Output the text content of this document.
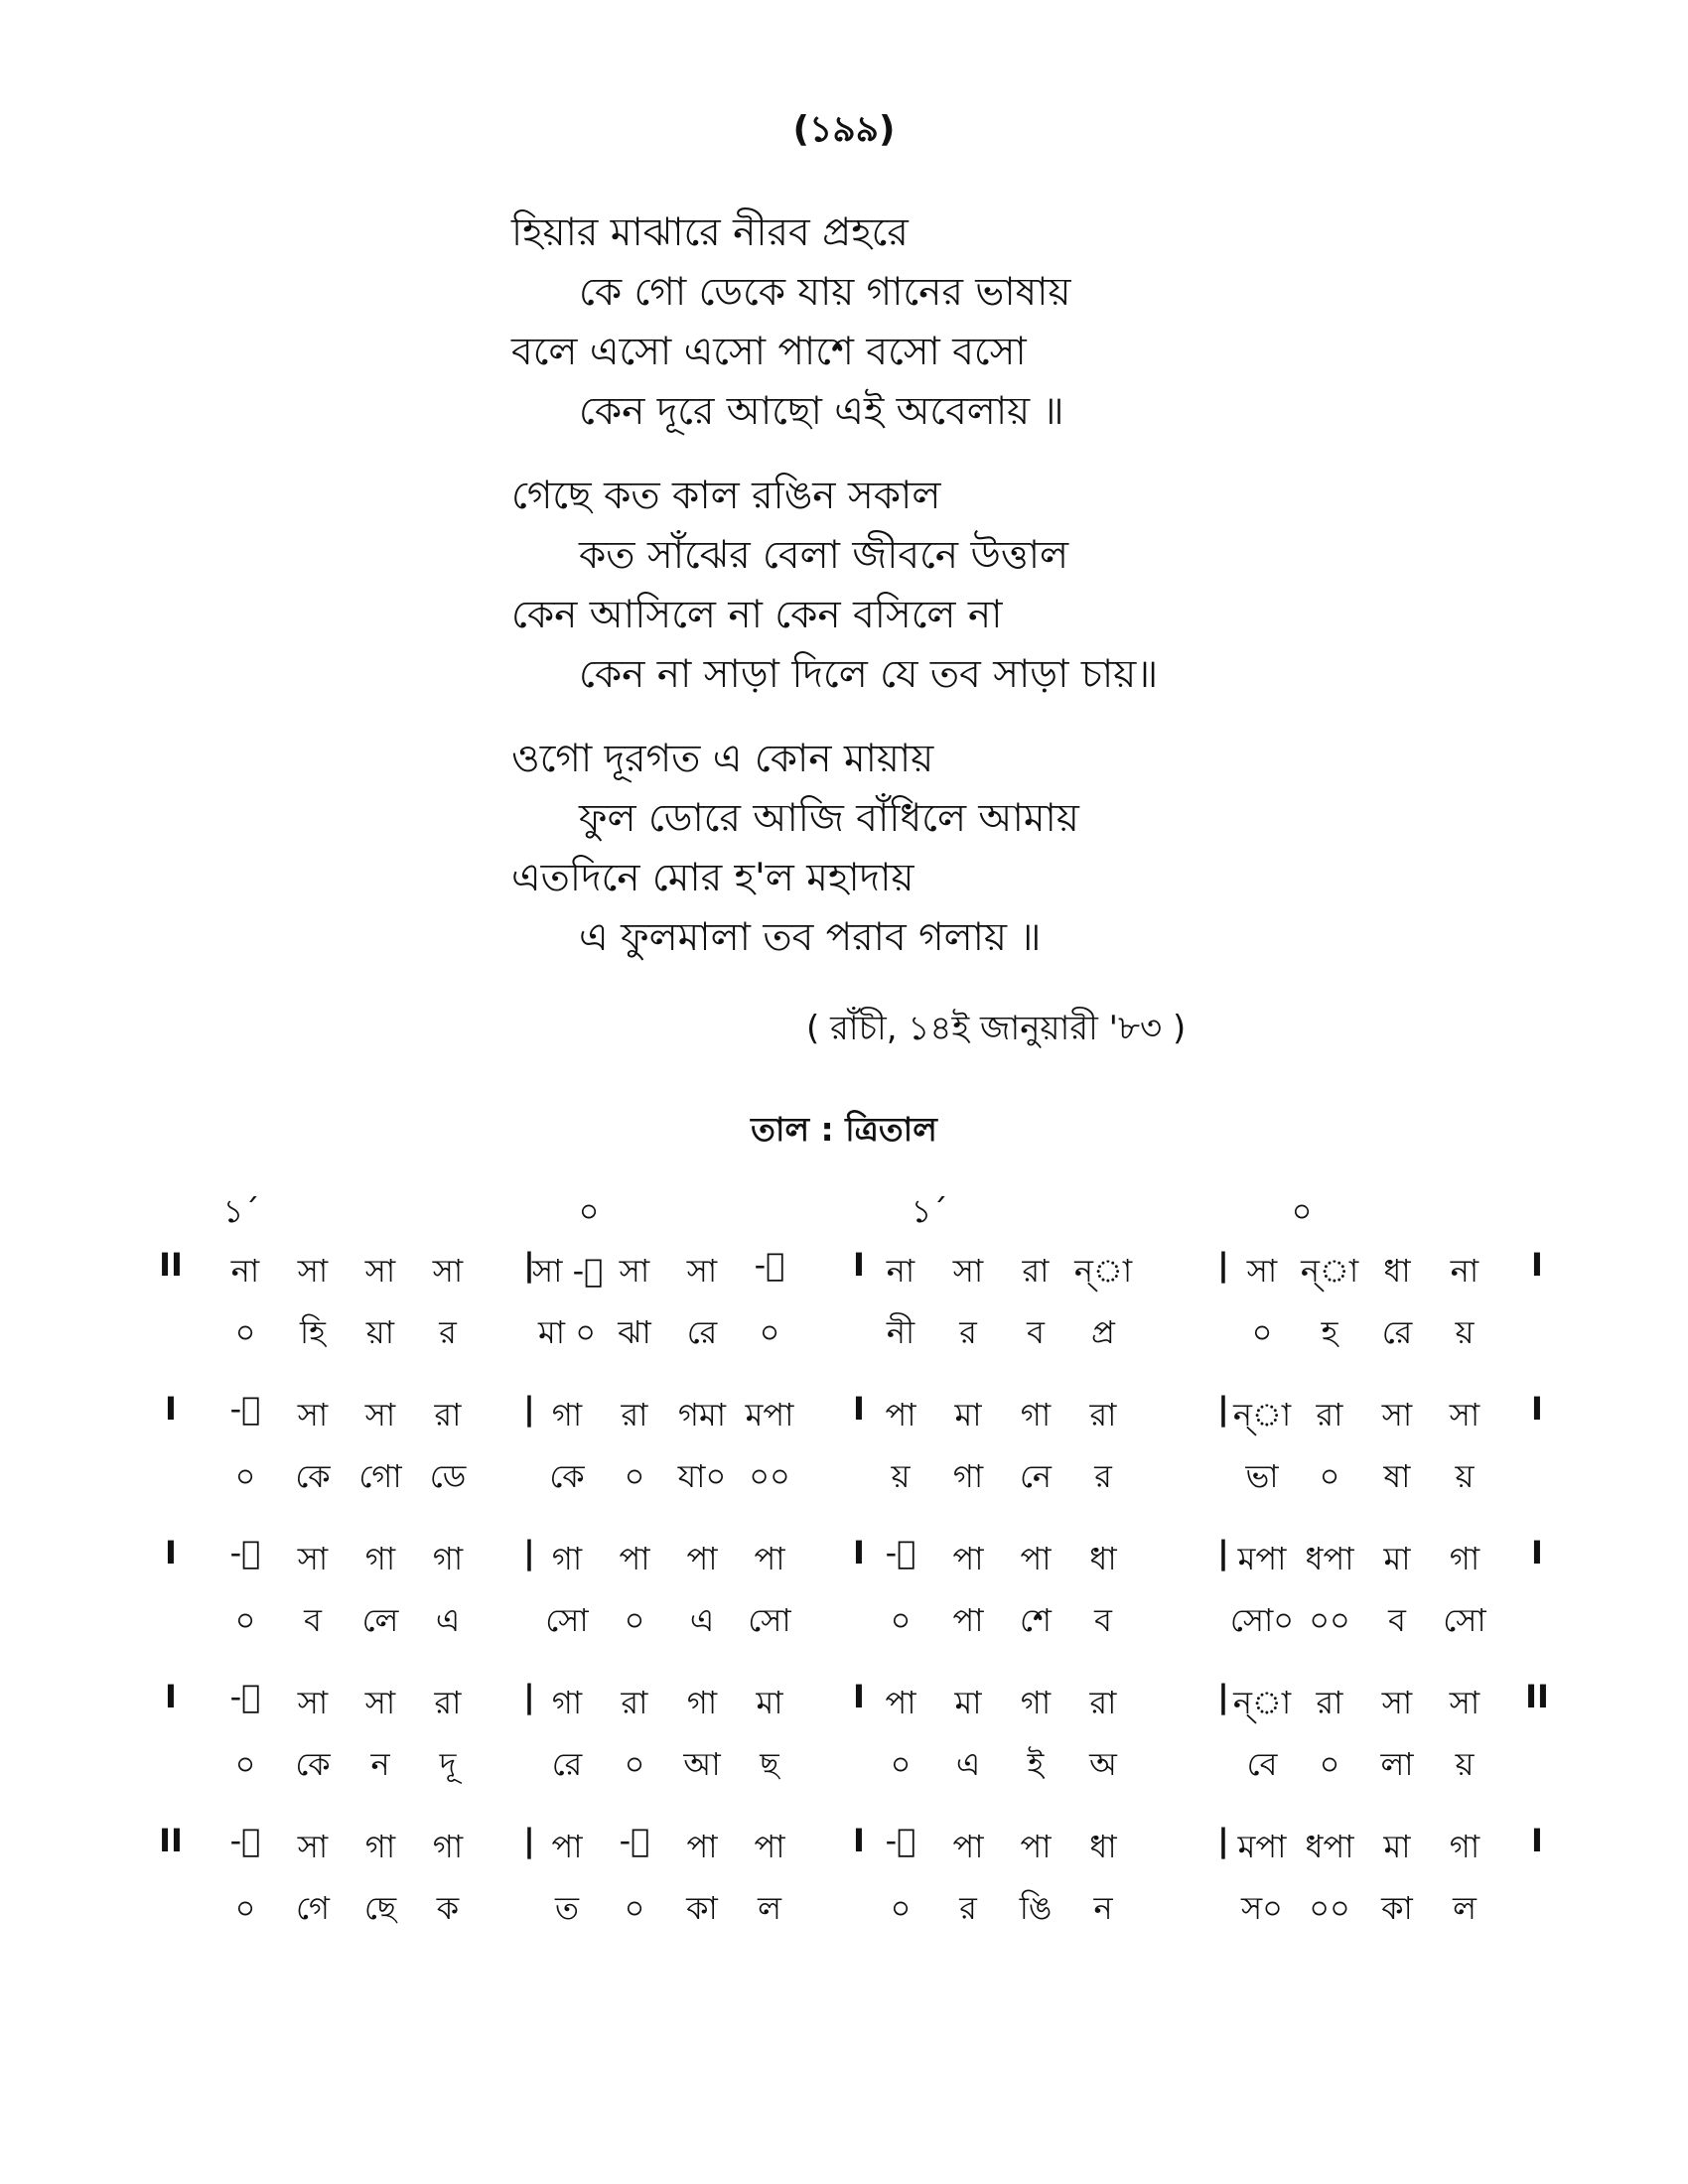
(১৯৯)
হিয়ার মাঝারে নীরব প্রহরে
কে গো ডেকে যায় গানের ভাষায়
বলে এসো এসো পাশে বসো বসো
কেন দূরে আছো এই অবেলায় ॥
গেছে কত কাল রঙিন সকাল
কত সাঁঝের বেলা জীবনে উত্তাল
কেন আসিলে না কেন বসিলে না
কেন না সাড়া দিলে যে তব সাড়া চায়॥
ওগো দূরগত এ কোন মায়ায়
ফুল ডোরে আজি বাঁধিলে আমায়
এতদিনে মোর হ'ল মহাদায়
এ ফুলমালা তব পরাব গলায় ॥
( রাঁচী, ১৪ই জানুয়ারী '৮৩ )
তাল : ত্রিতাল
১´	০	১´	০
II	|	I	|	I
না	সা	সা	সা	সা ‑া সা	সা	‑া	না	সা	রা ন্‌া	সা ন্‌া ধা	না
০	হি	য়া	র	মা ০ ঝা	রে	০	নী	র	ব	প্র	০	হ	রে	য়
I	|	I	|	I
‑া	সা	সা	রা	গা	রা গমা মপা	পা	মা	গা	রা	ন্‌া রা	সা	সা
০	কে গো ডে	কে	০	যা০ ০০	য়	গা	নে	র	ভা	০	ষা	য়
I	|	I	|	I
‑া	সা	গা	গা	গা	পা	পা	পা	‑া	পা	পা	ধা	মপা ধপা মা	গা
০	ব	লে	এ	সো	০	এ	সো	০	পা	শে	ব	সো০ ০০	ব	সো
I	|	I	|	II
‑া	সা	সা	রা	গা	রা	গা	মা	পা	মা	গা	রা	ন্‌া রা	সা	সা
০	কে	ন	দূ	রে	০	আ	ছ	০	এ	ই	অ	বে	০	লা	য়
II	|	I	|	I
‑া	সা	গা	গা	পা	‑া	পা	পা	‑া	পা	পা	ধা	মপা ধপা মা	গা
০	গে	ছে	ক	ত	০	কা	ল	০	র	ঙি	ন	স০ ০০ কা	ল
